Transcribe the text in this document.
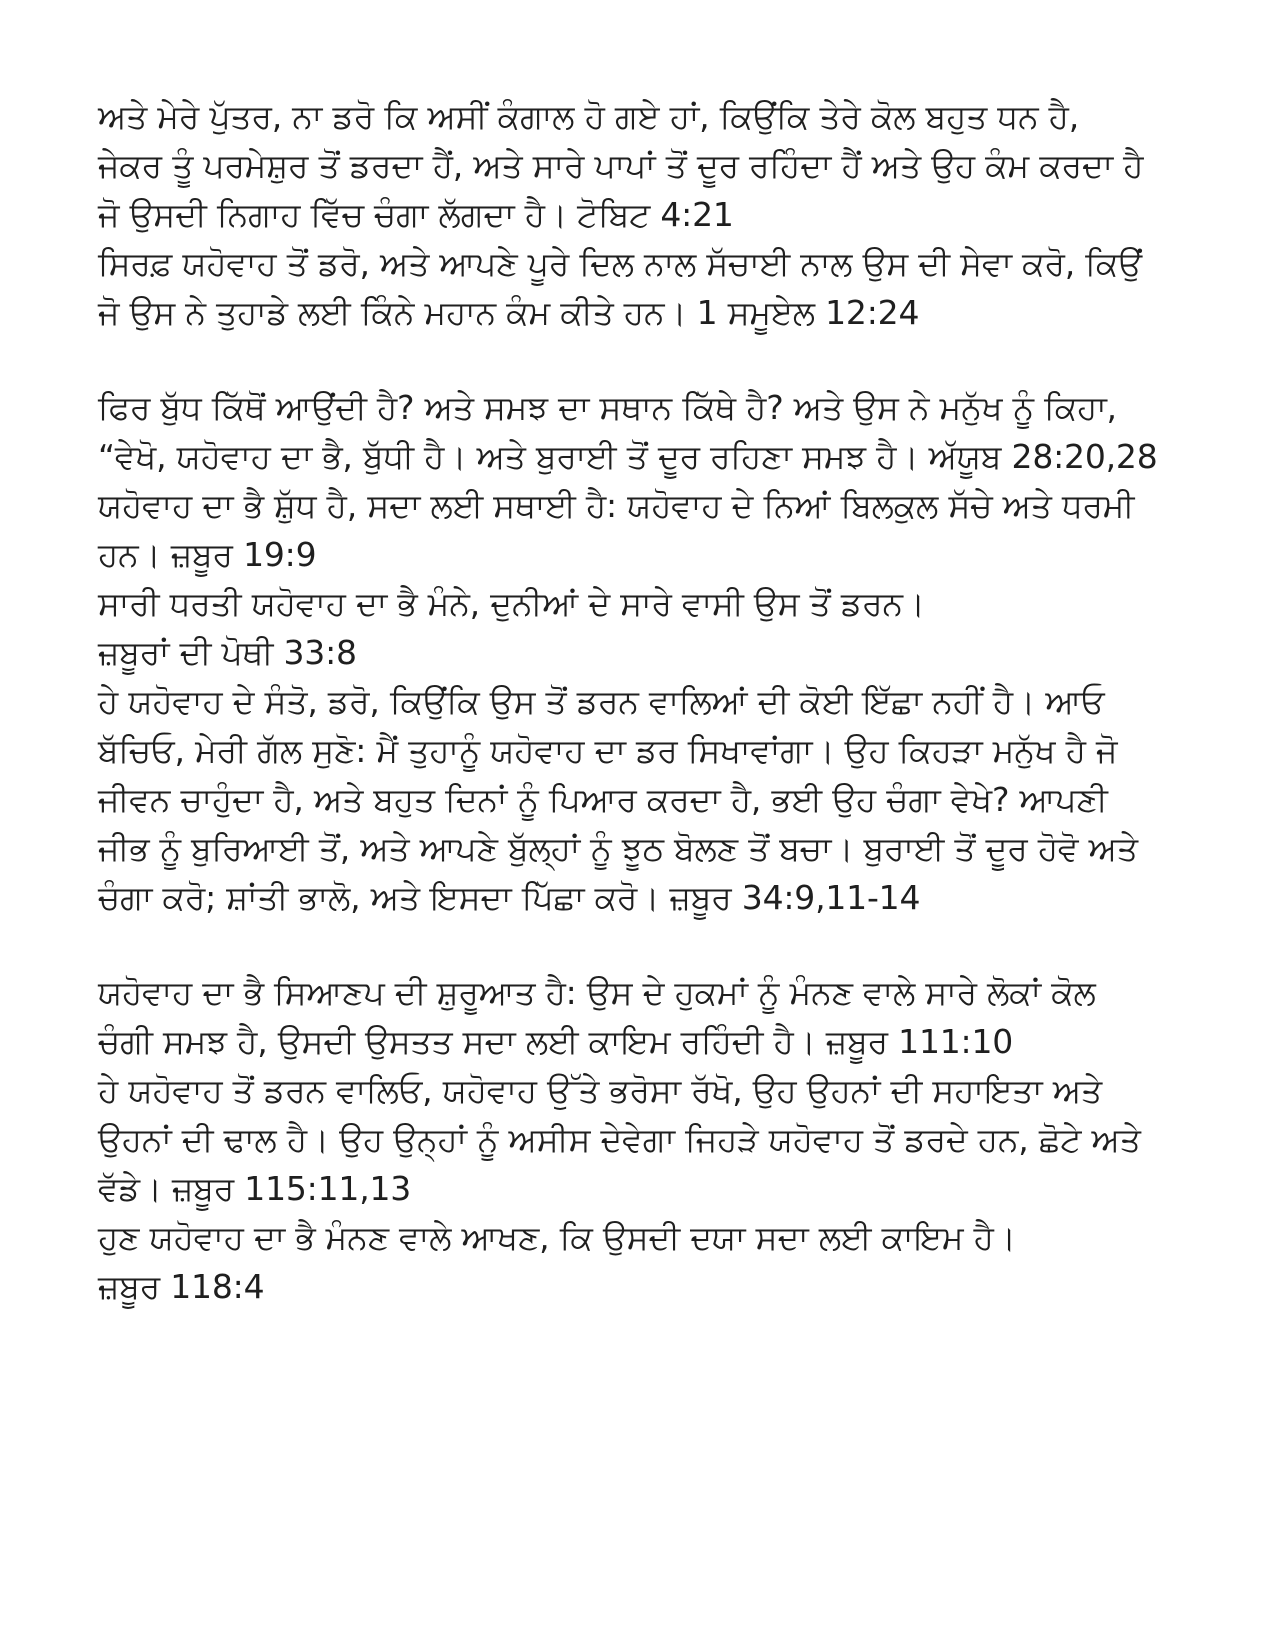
ਅਤੇ ਮੇਰੇ ਪੁੱਤਰ, ਨਾ ਡਰੋ ਕਿ ਅਸੀਂ ਕੰਗਾਲ ਹੋ ਗਏ ਹਾਂ, ਕਿਉਂਕਿ ਤੇਰੇ ਕੋਲ ਬਹੁਤ ਧਨ ਹੈ,
ਜੇਕਰ ਤੂੰ ਪਰਮੇਸ਼ੁਰ ਤੋਂ ਡਰਦਾ ਹੈਂ, ਅਤੇ ਸਾਰੇ ਪਾਪਾਂ ਤੋਂ ਦੂਰ ਰਹਿੰਦਾ ਹੈਂ ਅਤੇ ਉਹ ਕੰਮ ਕਰਦਾ ਹੈ
ਜੋ ਉਸਦੀ ਨਿਗਾਹ ਵਿੱਚ ਚੰਗਾ ਲੱਗਦਾ ਹੈ। ਟੋਬਿਟ 4:21
ਸਿਰਫ਼ ਯਹੋਵਾਹ ਤੋਂ ਡਰੋ, ਅਤੇ ਆਪਣੇ ਪੂਰੇ ਦਿਲ ਨਾਲ ਸੱਚਾਈ ਨਾਲ ਉਸ ਦੀ ਸੇਵਾ ਕਰੋ, ਕਿਉਂ
ਜੋ ਉਸ ਨੇ ਤੁਹਾਡੇ ਲਈ ਕਿੰਨੇ ਮਹਾਨ ਕੰਮ ਕੀਤੇ ਹਨ। 1 ਸਮੂਏਲ 12:24
ਫਿਰ ਬੁੱਧ ਕਿੱਥੋਂ ਆਉਂਦੀ ਹੈ? ਅਤੇ ਸਮਝ ਦਾ ਸਥਾਨ ਕਿੱਥੇ ਹੈ? ਅਤੇ ਉਸ ਨੇ ਮਨੁੱਖ ਨੂੰ ਕਿਹਾ,
“ਵੇਖੋ, ਯਹੋਵਾਹ ਦਾ ਭੈ, ਬੁੱਧੀ ਹੈ। ਅਤੇ ਬੁਰਾਈ ਤੋਂ ਦੂਰ ਰਹਿਣਾ ਸਮਝ ਹੈ। ਅੱਯੂਬ 28:20,28
ਯਹੋਵਾਹ ਦਾ ਭੈ ਸ਼ੁੱਧ ਹੈ, ਸਦਾ ਲਈ ਸਥਾਈ ਹੈ: ਯਹੋਵਾਹ ਦੇ ਨਿਆਂ ਬਿਲਕੁਲ ਸੱਚੇ ਅਤੇ ਧਰਮੀ
ਹਨ। ਜ਼ਬੂਰ 19:9
ਸਾਰੀ ਧਰਤੀ ਯਹੋਵਾਹ ਦਾ ਭੈ ਮੰਨੇ, ਦੁਨੀਆਂ ਦੇ ਸਾਰੇ ਵਾਸੀ ਉਸ ਤੋਂ ਡਰਨ।
ਜ਼ਬੂਰਾਂ ਦੀ ਪੋਥੀ 33:8
ਹੇ ਯਹੋਵਾਹ ਦੇ ਸੰਤੋ, ਡਰੋ, ਕਿਉਂਕਿ ਉਸ ਤੋਂ ਡਰਨ ਵਾਲਿਆਂ ਦੀ ਕੋਈ ਇੱਛਾ ਨਹੀਂ ਹੈ। ਆਓ
ਬੱਚਿਓ, ਮੇਰੀ ਗੱਲ ਸੁਣੋ: ਮੈਂ ਤੁਹਾਨੂੰ ਯਹੋਵਾਹ ਦਾ ਡਰ ਸਿਖਾਵਾਂਗਾ। ਉਹ ਕਿਹੜਾ ਮਨੁੱਖ ਹੈ ਜੋ
ਜੀਵਨ ਚਾਹੁੰਦਾ ਹੈ, ਅਤੇ ਬਹੁਤ ਦਿਨਾਂ ਨੂੰ ਪਿਆਰ ਕਰਦਾ ਹੈ, ਭਈ ਉਹ ਚੰਗਾ ਵੇਖੇ? ਆਪਣੀ
ਜੀਭ ਨੂੰ ਬੁਰਿਆਈ ਤੋਂ, ਅਤੇ ਆਪਣੇ ਬੁੱਲ੍ਹਾਂ ਨੂੰ ਝੂਠ ਬੋਲਣ ਤੋਂ ਬਚਾ। ਬੁਰਾਈ ਤੋਂ ਦੂਰ ਹੋਵੋ ਅਤੇ
ਚੰਗਾ ਕਰੋ; ਸ਼ਾਂਤੀ ਭਾਲੋ, ਅਤੇ ਇਸਦਾ ਪਿੱਛਾ ਕਰੋ। ਜ਼ਬੂਰ 34:9,11-14
ਯਹੋਵਾਹ ਦਾ ਭੈ ਸਿਆਣਪ ਦੀ ਸ਼ੁਰੂਆਤ ਹੈ: ਉਸ ਦੇ ਹੁਕਮਾਂ ਨੂੰ ਮੰਨਣ ਵਾਲੇ ਸਾਰੇ ਲੋਕਾਂ ਕੋਲ
ਚੰਗੀ ਸਮਝ ਹੈ, ਉਸਦੀ ਉਸਤਤ ਸਦਾ ਲਈ ਕਾਇਮ ਰਹਿੰਦੀ ਹੈ। ਜ਼ਬੂਰ 111:10
ਹੇ ਯਹੋਵਾਹ ਤੋਂ ਡਰਨ ਵਾਲਿਓ, ਯਹੋਵਾਹ ਉੱਤੇ ਭਰੋਸਾ ਰੱਖੋ, ਉਹ ਉਹਨਾਂ ਦੀ ਸਹਾਇਤਾ ਅਤੇ
ਉਹਨਾਂ ਦੀ ਢਾਲ ਹੈ। ਉਹ ਉਨ੍ਹਾਂ ਨੂੰ ਅਸੀਸ ਦੇਵੇਗਾ ਜਿਹੜੇ ਯਹੋਵਾਹ ਤੋਂ ਡਰਦੇ ਹਨ, ਛੋਟੇ ਅਤੇ
ਵੱਡੇ। ਜ਼ਬੂਰ 115:11,13
ਹੁਣ ਯਹੋਵਾਹ ਦਾ ਭੈ ਮੰਨਣ ਵਾਲੇ ਆਖਣ, ਕਿ ਉਸਦੀ ਦਯਾ ਸਦਾ ਲਈ ਕਾਇਮ ਹੈ।
ਜ਼ਬੂਰ 118:4
